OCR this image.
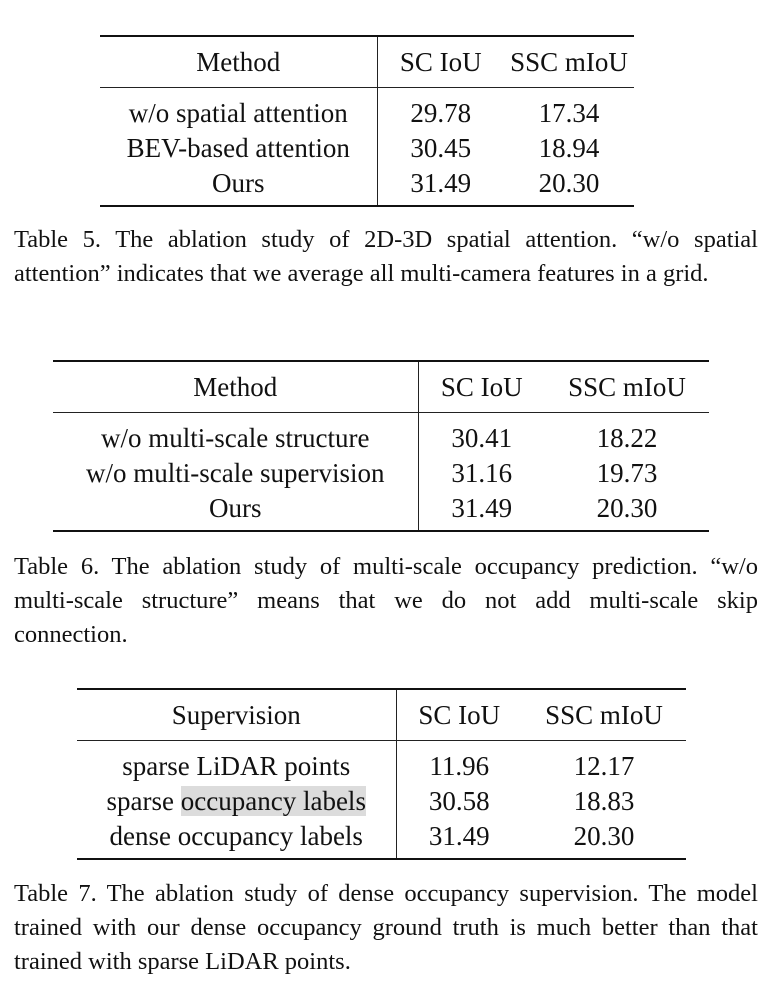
Method	SC IoU	SSC mIoU
w/o spatial attention	29.78	17.34
BEV-based attention	30.45	18.94
Ours	31.49	20.30

Table 5. The ablation study of 2D-3D spatial attention. “w/o spatial attention” indicates that we average all multi-camera features in a grid.

Method	SC IoU	SSC mIoU
w/o multi-scale structure	30.41	18.22
w/o multi-scale supervision	31.16	19.73
Ours	31.49	20.30

Table 6. The ablation study of multi-scale occupancy prediction. “w/o multi-scale structure” means that we do not add multi-scale skip connection.

Supervision	SC IoU	SSC mIoU
sparse LiDAR points	11.96	12.17
sparse occupancy labels	30.58	18.83
dense occupancy labels	31.49	20.30

Table 7. The ablation study of dense occupancy supervision. The model trained with our dense occupancy ground truth is much better than that trained with sparse LiDAR points.
